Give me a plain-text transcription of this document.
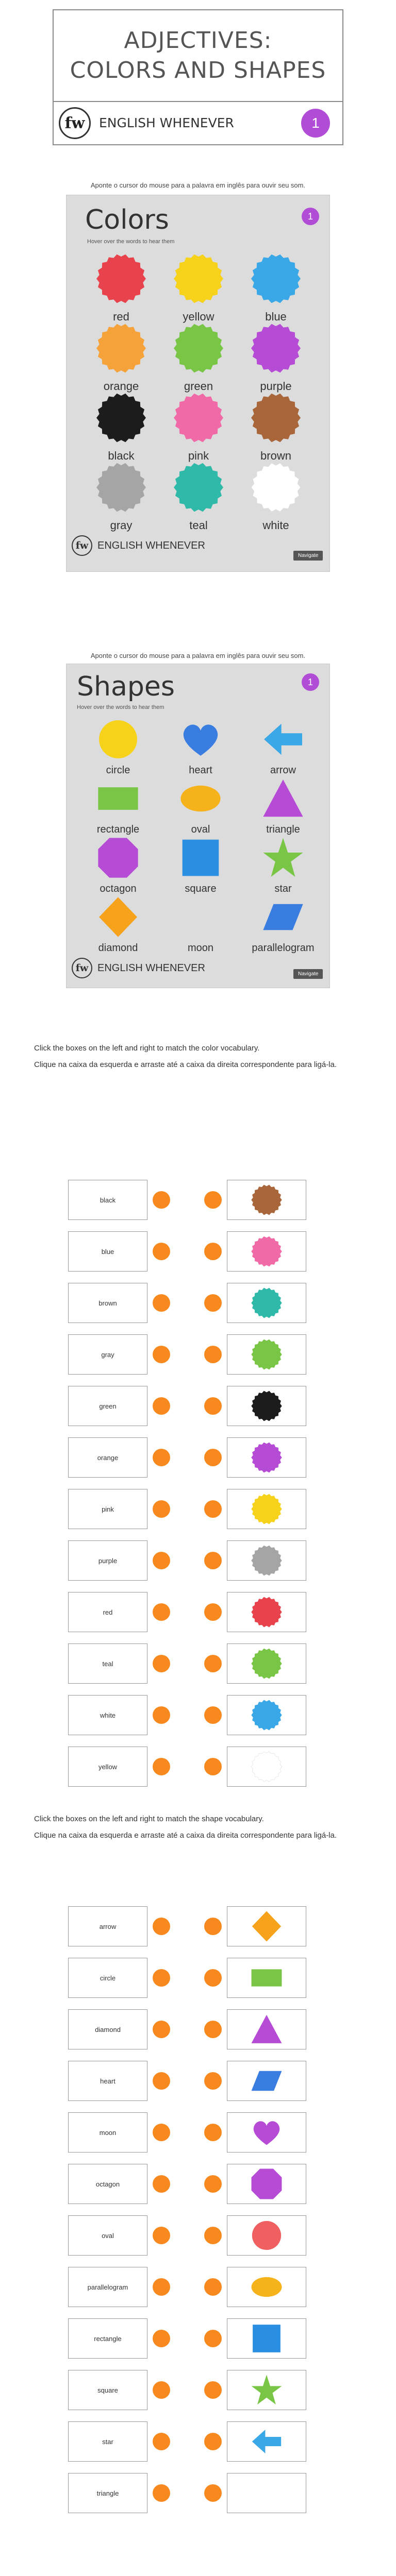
ADJECTIVES:
COLORS AND SHAPES
fw	ENGLISH WHENEVER	1
Aponte o cursor do mouse para a palavra em inglês para ouvir seu som.
Colors
Hover over the words to hear them
1
fw ENGLISH WHENEVER
Navigate
red	yellow	blue
orange	green	purple
black	pink	brown
gray	teal	white
Aponte o cursor do mouse para a palavra em inglês para ouvir seu som.
Shapes
Hover over the words to hear them
1
fw ENGLISH WHENEVER
Navigate
circle	heart	arrow
rectangle	oval	triangle
octagon	square	star
diamond	moon	parallelogram
Click the boxes on the left and right to match the color vocabulary.
Clique na caixa da esquerda e arraste até a caixa da direita correspondente para ligá-la.
Click the boxes on the left and right to match the shape vocabulary.
Clique na caixa da esquerda e arraste até a caixa da direita correspondente para ligá-la.
black
blue
brown
gray
green
orange
pink
purple
red
teal
white
yellow
arrow
circle
diamond
heart
moon
octagon
oval
parallelogram
rectangle
square
star
triangle
